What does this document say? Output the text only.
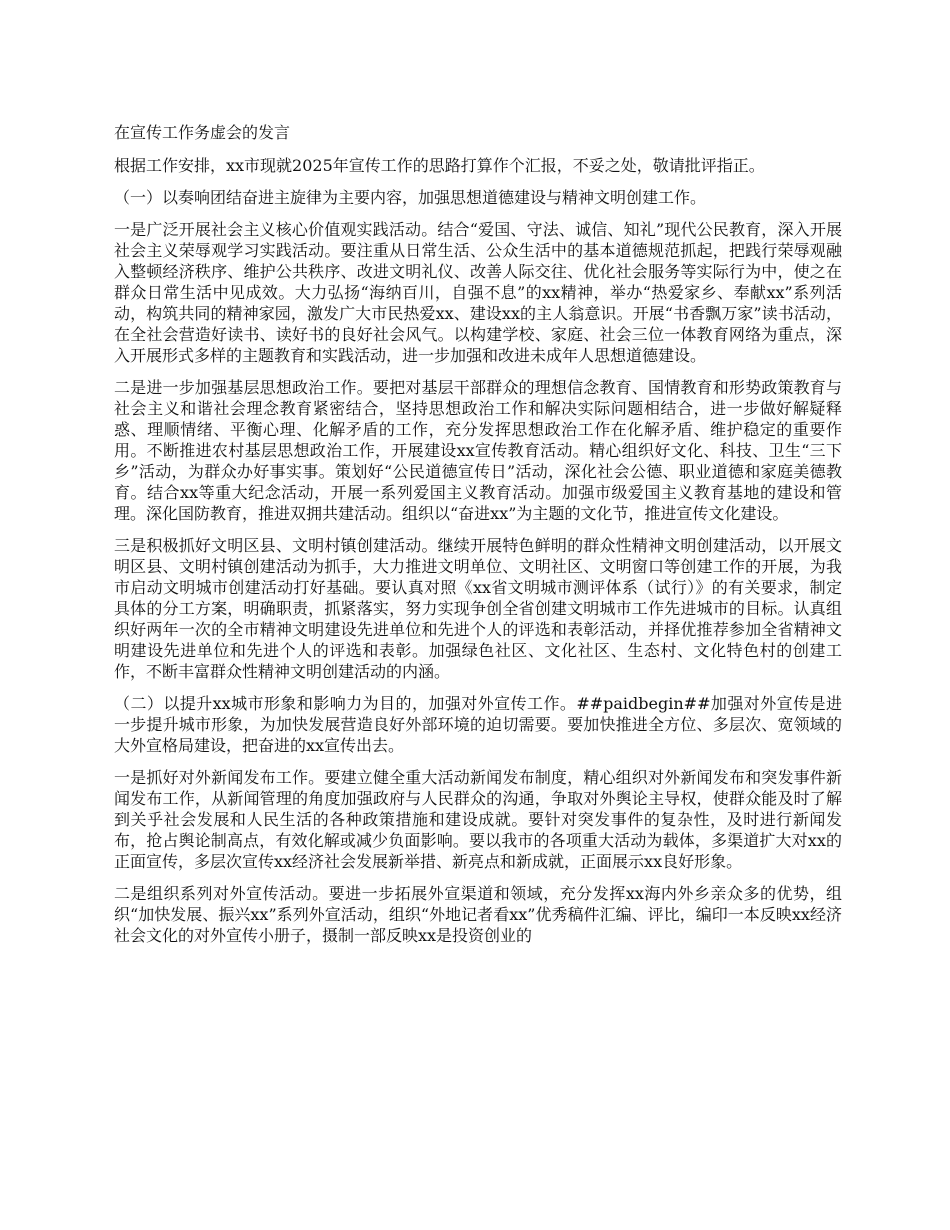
在宣传工作务虚会的发言

根据工作安排，xx市现就2025年宣传工作的思路打算作个汇报，不妥之处，敬请批评指正。

（一）以奏响团结奋进主旋律为主要内容，加强思想道德建设与精神文明创建工作。

一是广泛开展社会主义核心价值观实践活动。结合“爱国、守法、诚信、知礼”现代公民教育，深入开展社会主义荣辱观学习实践活动。要注重从日常生活、公众生活中的基本道德规范抓起，把践行荣辱观融入整顿经济秩序、维护公共秩序、改进文明礼仪、改善人际交往、优化社会服务等实际行为中，使之在群众日常生活中见成效。大力弘扬“海纳百川，自强不息”的xx精神，举办“热爱家乡、奉献xx”系列活动，构筑共同的精神家园，激发广大市民热爱xx、建设xx的主人翁意识。开展“书香飘万家”读书活动，在全社会营造好读书、读好书的良好社会风气。以构建学校、家庭、社会三位一体教育网络为重点，深入开展形式多样的主题教育和实践活动，进一步加强和改进未成年人思想道德建设。

二是进一步加强基层思想政治工作。要把对基层干部群众的理想信念教育、国情教育和形势政策教育与社会主义和谐社会理念教育紧密结合，坚持思想政治工作和解决实际问题相结合，进一步做好解疑释惑、理顺情绪、平衡心理、化解矛盾的工作，充分发挥思想政治工作在化解矛盾、维护稳定的重要作用。不断推进农村基层思想政治工作，开展建设xx宣传教育活动。精心组织好文化、科技、卫生“三下乡”活动，为群众办好事实事。策划好“公民道德宣传日”活动，深化社会公德、职业道德和家庭美德教育。结合xx等重大纪念活动，开展一系列爱国主义教育活动。加强市级爱国主义教育基地的建设和管理。深化国防教育，推进双拥共建活动。组织以“奋进xx”为主题的文化节，推进宣传文化建设。

三是积极抓好文明区县、文明村镇创建活动。继续开展特色鲜明的群众性精神文明创建活动，以开展文明区县、文明村镇创建活动为抓手，大力推进文明单位、文明社区、文明窗口等创建工作的开展，为我市启动文明城市创建活动打好基础。要认真对照《xx省文明城市测评体系（试行）》的有关要求，制定具体的分工方案，明确职责，抓紧落实，努力实现争创全省创建文明城市工作先进城市的目标。认真组织好两年一次的全市精神文明建设先进单位和先进个人的评选和表彰活动，并择优推荐参加全省精神文明建设先进单位和先进个人的评选和表彰。加强绿色社区、文化社区、生态村、文化特色村的创建工作，不断丰富群众性精神文明创建活动的内涵。

（二）以提升xx城市形象和影响力为目的，加强对外宣传工作。##paidbegin##加强对外宣传是进一步提升城市形象，为加快发展营造良好外部环境的迫切需要。要加快推进全方位、多层次、宽领域的大外宣格局建设，把奋进的xx宣传出去。

一是抓好对外新闻发布工作。要建立健全重大活动新闻发布制度，精心组织对外新闻发布和突发事件新闻发布工作，从新闻管理的角度加强政府与人民群众的沟通，争取对外舆论主导权，使群众能及时了解到关乎社会发展和人民生活的各种政策措施和建设成就。要针对突发事件的复杂性，及时进行新闻发布，抢占舆论制高点，有效化解或减少负面影响。要以我市的各项重大活动为载体，多渠道扩大对xx的正面宣传，多层次宣传xx经济社会发展新举措、新亮点和新成就，正面展示xx良好形象。

二是组织系列对外宣传活动。要进一步拓展外宣渠道和领域，充分发挥xx海内外乡亲众多的优势，组织“加快发展、振兴xx”系列外宣活动，组织“外地记者看xx”优秀稿件汇编、评比，编印一本反映xx经济社会文化的对外宣传小册子，摄制一部反映xx是投资创业的
